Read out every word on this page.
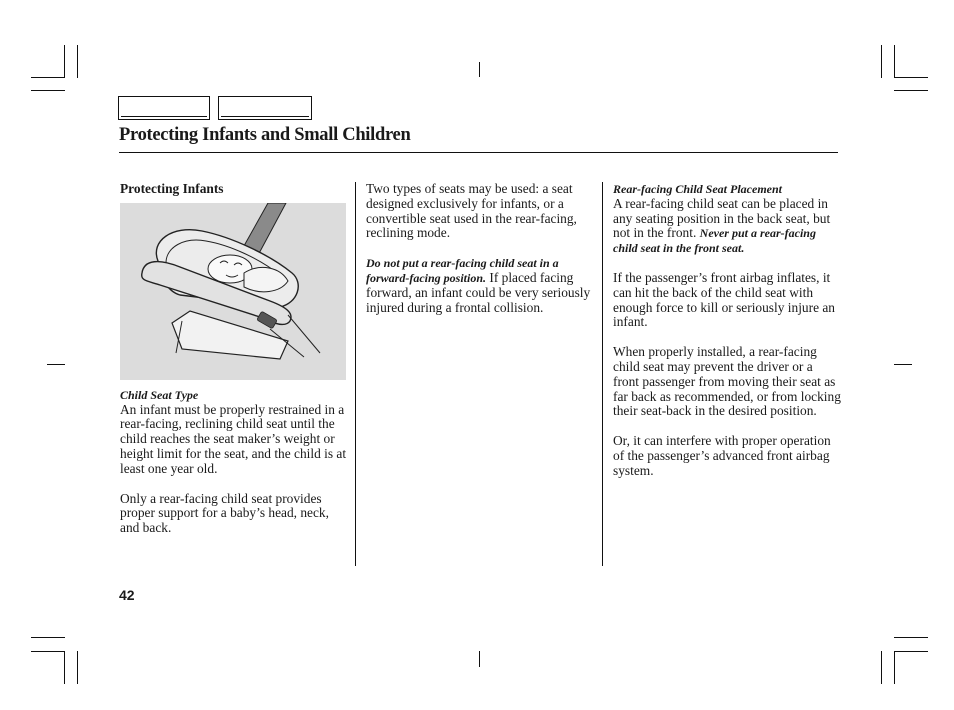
Protecting Infants and Small Children

Protecting Infants

Child Seat Type

An infant must be properly restrained in a rear-facing, reclining child seat until the child reaches the seat maker’s weight or height limit for the seat, and the child is at least one year old.

Only a rear-facing child seat provides proper support for a baby’s head, neck, and back.

Two types of seats may be used: a seat designed exclusively for infants, or a convertible seat used in the rear-facing, reclining mode.

Do not put a rear-facing child seat in a forward-facing position. If placed facing forward, an infant could be very seriously injured during a frontal collision.

Rear-facing Child Seat Placement

A rear-facing child seat can be placed in any seating position in the back seat, but not in the front. Never put a rear-facing child seat in the front seat.

If the passenger’s front airbag inflates, it can hit the back of the child seat with enough force to kill or seriously injure an infant.

When properly installed, a rear-facing child seat may prevent the driver or a front passenger from moving their seat as far back as recommended, or from locking their seat-back in the desired position.

Or, it can interfere with proper operation of the passenger’s advanced front airbag system.

42
